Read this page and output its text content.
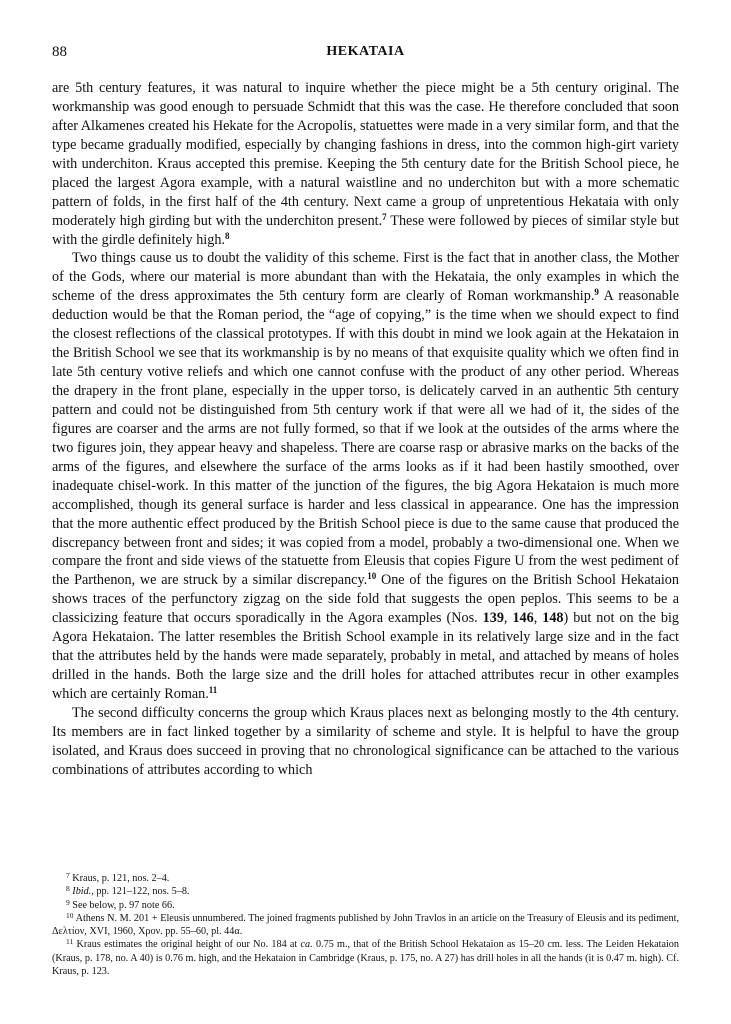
88	HEKATAIA

are 5th century features, it was natural to inquire whether the piece might be a 5th century original. The workmanship was good enough to persuade Schmidt that this was the case. He therefore concluded that soon after Alkamenes created his Hekate for the Acropolis, statuettes were made in a very similar form, and that the type became gradually modified, especially by changing fashions in dress, into the common high-girt variety with underchiton. Kraus accepted this premise. Keeping the 5th century date for the British School piece, he placed the largest Agora example, with a natural waistline and no underchiton but with a more schematic pattern of folds, in the first half of the 4th century. Next came a group of unpretentious Hekataia with only moderately high girding but with the underchiton present.$^7$ These were followed by pieces of similar style but with the girdle definitely high.$^8$

Two things cause us to doubt the validity of this scheme. First is the fact that in another class, the Mother of the Gods, where our material is more abundant than with the Hekataia, the only examples in which the scheme of the dress approximates the 5th century form are clearly of Roman workmanship.$^9$ A reasonable deduction would be that the Roman period, the “age of copying,” is the time when we should expect to find the closest reflections of the classical prototypes. If with this doubt in mind we look again at the Hekataion in the British School we see that its workmanship is by no means of that exquisite quality which we often find in late 5th century votive reliefs and which one cannot confuse with the product of any other period. Whereas the drapery in the front plane, especially in the upper torso, is delicately carved in an authentic 5th century pattern and could not be distinguished from 5th century work if that were all we had of it, the sides of the figures are coarser and the arms are not fully formed, so that if we look at the outsides of the arms where the two figures join, they appear heavy and shapeless. There are coarse rasp or abrasive marks on the backs of the arms of the figures, and elsewhere the surface of the arms looks as if it had been hastily smoothed, over inadequate chisel-work. In this matter of the junction of the figures, the big Agora Hekataion is much more accomplished, though its general surface is harder and less classical in appearance. One has the impression that the more authentic effect produced by the British School piece is due to the same cause that produced the discrepancy between front and sides; it was copied from a model, probably a two-dimensional one. When we compare the front and side views of the statuette from Eleusis that copies Figure U from the west pediment of the Parthenon, we are struck by a similar discrepancy.$^{10}$ One of the figures on the British School Hekataion shows traces of the perfunctory zigzag on the side fold that suggests the open peplos. This seems to be a classicizing feature that occurs sporadically in the Agora examples (Nos. 139, 146, 148) but not on the big Agora Hekataion. The latter resembles the British School example in its relatively large size and in the fact that the attributes held by the hands were made separately, probably in metal, and attached by means of holes drilled in the hands. Both the large size and the drill holes for attached attributes recur in other examples which are certainly Roman.$^{11}$

The second difficulty concerns the group which Kraus places next as belonging mostly to the 4th century. Its members are in fact linked together by a similarity of scheme and style. It is helpful to have the group isolated, and Kraus does succeed in proving that no chronological significance can be attached to the various combinations of attributes according to which

$^7$ Kraus, p. 121, nos. 2–4.

$^8$ Ibid., pp. 121–122, nos. 5–8.

$^9$ See below, p. 97 note 66.

$^{10}$ Athens N. M. 201 + Eleusis unnumbered. The joined fragments published by John Travlos in an article on the Treasury of Eleusis and its pediment, Δελτίον, XVI, 1960, Χρον. pp. 55–60, pl. 44α.

$^{11}$ Kraus estimates the original height of our No. 184 at ca. 0.75 m., that of the British School Hekataion as 15–20 cm. less. The Leiden Hekataion (Kraus, p. 178, no. A 40) is 0.76 m. high, and the Hekataion in Cambridge (Kraus, p. 175, no. A 27) has drill holes in all the hands (it is 0.47 m. high). Cf. Kraus, p. 123.
